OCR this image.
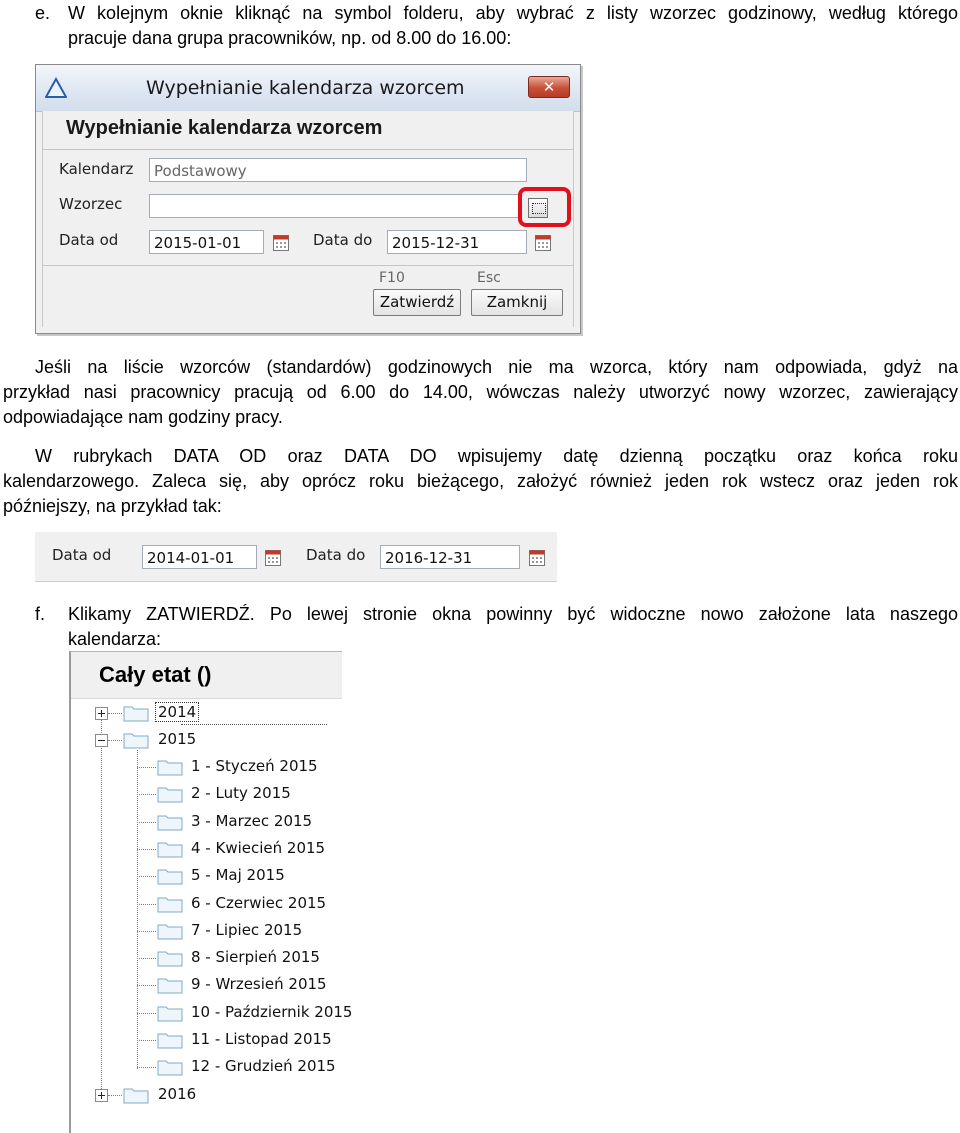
e. W kolejnym oknie kliknąć na symbol folderu, aby wybrać z listy wzorzec godzinowy, według którego
pracuje dana grupa pracowników, np. od 8.00 do 16.00:
Wypełnianie kalendarza wzorcem	✕
Wypełnianie kalendarza wzorcem
Kalendarz	Podstawowy
Wzorzec
Data od	2015-01-01	Data do	2015-12-31
F10	Esc
Zatwierdź	Zamknij
Jeśli na liście wzorców (standardów) godzinowych nie ma wzorca, który nam odpowiada, gdyż na
przykład nasi pracownicy pracują od 6.00 do 14.00, wówczas należy utworzyć nowy wzorzec, zawierający
odpowiadające nam godziny pracy.
W rubrykach DATA OD oraz DATA DO wpisujemy datę dzienną początku oraz końca roku
kalendarzowego. Zaleca się, aby oprócz roku bieżącego, założyć również jeden rok wstecz oraz jeden rok
późniejszy, na przykład tak:
Data od	2014-01-01	Data do	2016-12-31
f. Klikamy ZATWIERDŹ. Po lewej stronie okna powinny być widoczne nowo założone lata naszego
kalendarza:
Cały etat ()
2014
2015
1 - Styczeń 2015
2 - Luty 2015
3 - Marzec 2015
4 - Kwiecień 2015
5 - Maj 2015
6 - Czerwiec 2015
7 - Lipiec 2015
8 - Sierpień 2015
9 - Wrzesień 2015
10 - Październik 2015
11 - Listopad 2015
12 - Grudzień 2015
2016
